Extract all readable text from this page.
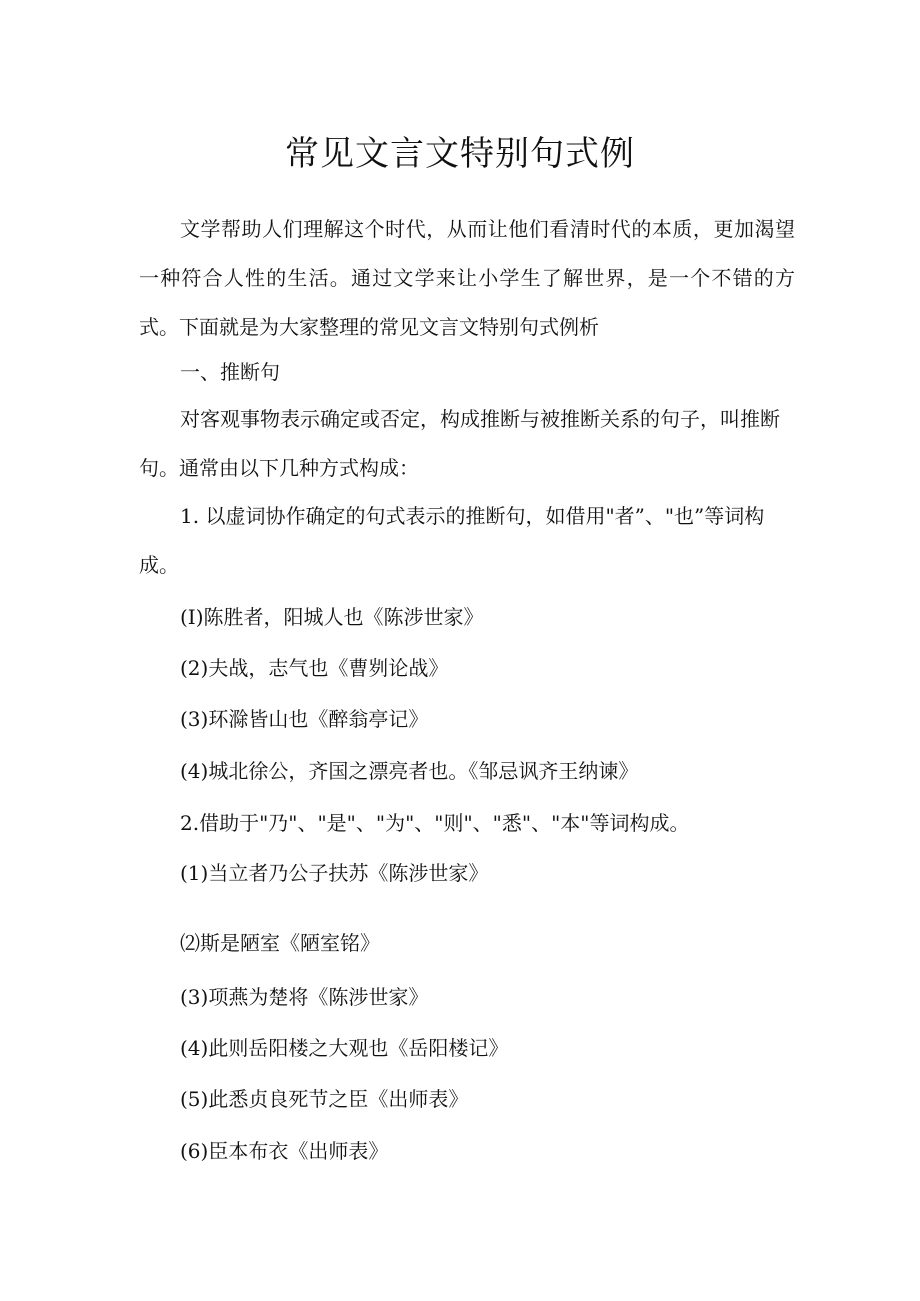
常见文言文特别句式例

文学帮助人们理解这个时代，从而让他们看清时代的本质，更加渴望一种符合人性的生活。通过文学来让小学生了解世界，是一个不错的方式。下面就是为大家整理的常见文言文特别句式例析

一、推断句

对客观事物表示确定或否定，构成推断与被推断关系的句子，叫推断句。通常由以下几种方式构成：

1. 以虚词协作确定的句式表示的推断句，如借用"者”、"也”等词构成。

(I)陈胜者，阳城人也《陈涉世家》

(2)夫战，志气也《曹刿论战》

(3)环滁皆山也《醉翁亭记》

(4)城北徐公，齐国之漂亮者也。《邹忌讽齐王纳谏》

2.借助于"乃"、"是"、"为"、"则"、"悉"、"本"等词构成。

(1)当立者乃公子扶苏《陈涉世家》

⑵斯是陋室《陋室铭》

(3)项燕为楚将《陈涉世家》

(4)此则岳阳楼之大观也《岳阳楼记》

(5)此悉贞良死节之臣《出师表》

(6)臣本布衣《出师表》
